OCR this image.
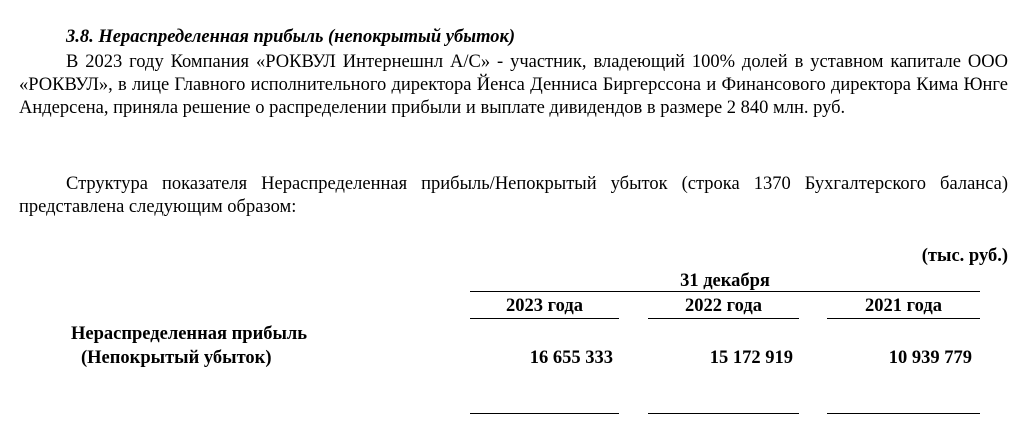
3.8. Нераспределенная прибыль (непокрытый убыток)
В 2023 году Компания «РОКВУЛ Интернешнл А/С» - участник, владеющий 100% долей в уставном капитале ООО «РОКВУЛ», в лице Главного исполнительного директора Йенса Денниса Биргерссона и Финансового директора Кима Юнге Андерсена, приняла решение о распределении прибыли и выплате дивидендов в размере 2 840 млн. руб.
Структура показателя Нераспределенная прибыль/Непокрытый убыток (строка 1370 Бухгалтерского баланса) представлена следующим образом:
(тыс. руб.)
31 декабря
2023 года	2022 года	2021 года
Нераспределенная прибыль
(Непокрытый убыток)	16 655 333	15 172 919	10 939 779
